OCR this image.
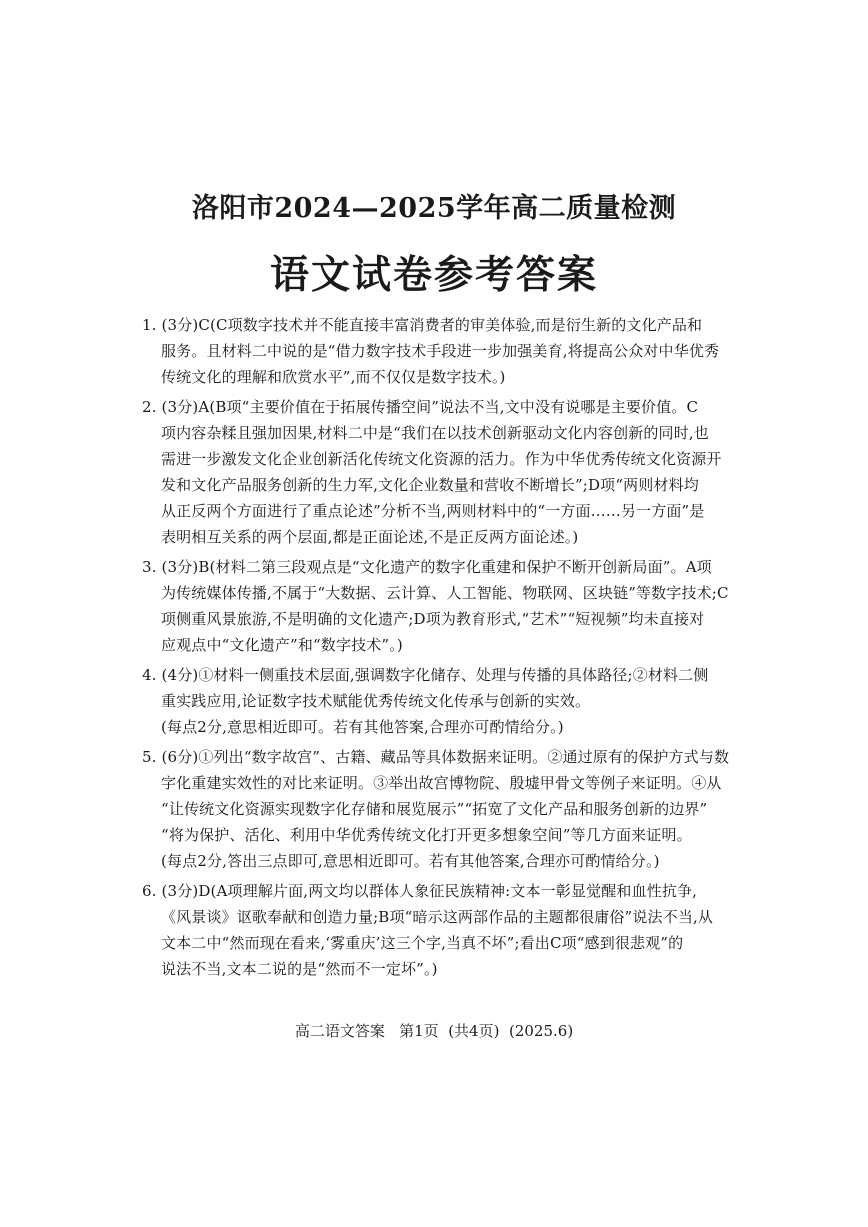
洛阳市2024—2025学年高二质量检测
语文试卷参考答案
1. (3分)C(C项数字技术并不能直接丰富消费者的审美体验,而是衍生新的文化产品和
服务。且材料二中说的是“借力数字技术手段进一步加强美育,将提高公众对中华优秀
传统文化的理解和欣赏水平”,而不仅仅是数字技术。)
2. (3分)A(B项“主要价值在于拓展传播空间”说法不当,文中没有说哪是主要价值。C
项内容杂糅且强加因果,材料二中是“我们在以技术创新驱动文化内容创新的同时,也
需进一步激发文化企业创新活化传统文化资源的活力。作为中华优秀传统文化资源开
发和文化产品服务创新的生力军,文化企业数量和营收不断增长”;D项“两则材料均
从正反两个方面进行了重点论述”分析不当,两则材料中的“一方面……另一方面”是
表明相互关系的两个层面,都是正面论述,不是正反两方面论述。)
3. (3分)B(材料二第三段观点是“文化遗产的数字化重建和保护不断开创新局面”。A项
为传统媒体传播,不属于“大数据、云计算、人工智能、物联网、区块链”等数字技术;C
项侧重风景旅游,不是明确的文化遗产;D项为教育形式,“艺术”“短视频”均未直接对
应观点中“文化遗产”和“数字技术”。)
4. (4分)①材料一侧重技术层面,强调数字化储存、处理与传播的具体路径;②材料二侧
重实践应用,论证数字技术赋能优秀传统文化传承与创新的实效。
(每点2分,意思相近即可。若有其他答案,合理亦可酌情给分。)
5. (6分)①列出“数字故宫”、古籍、藏品等具体数据来证明。②通过原有的保护方式与数
字化重建实效性的对比来证明。③举出故宫博物院、殷墟甲骨文等例子来证明。④从
“让传统文化资源实现数字化存储和展览展示”“拓宽了文化产品和服务创新的边界”
“将为保护、活化、利用中华优秀传统文化打开更多想象空间”等几方面来证明。
(每点2分,答出三点即可,意思相近即可。若有其他答案,合理亦可酌情给分。)
6. (3分)D(A项理解片面,两文均以群体人象征民族精神:文本一彰显觉醒和血性抗争,
《风景谈》讴歌奉献和创造力量;B项“暗示这两部作品的主题都很庸俗”说法不当,从
文本二中“然而现在看来,‘雾重庆’这三个字,当真不坏”;看出C项“感到很悲观”的
说法不当,文本二说的是“然而不一定坏”。)
高二语文答案   第1页  (共4页)  (2025.6)
